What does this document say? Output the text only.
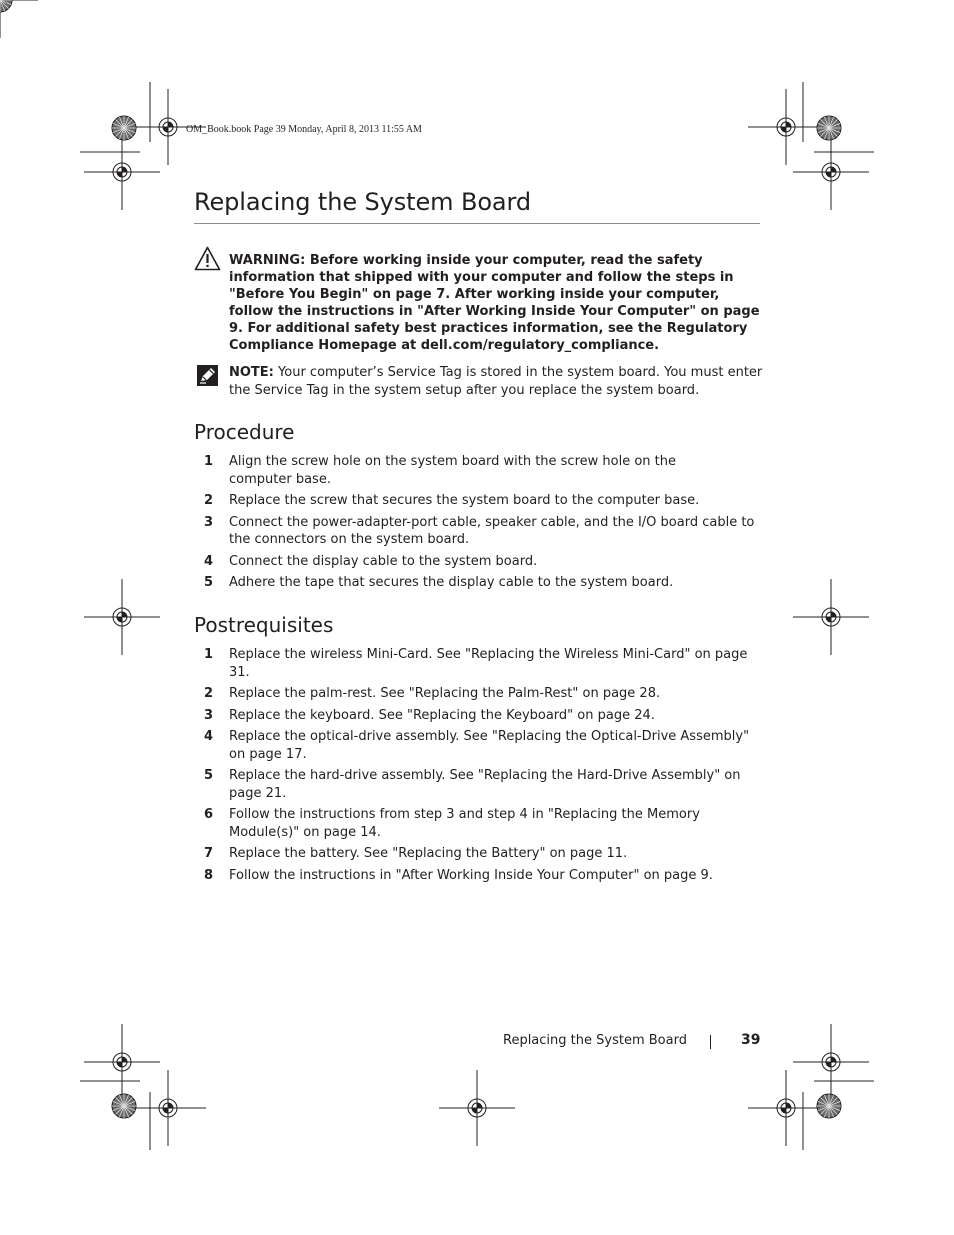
OM_Book.book Page 39 Monday, April 8, 2013 11:55 AM
Replacing the System Board
WARNING: Before working inside your computer, read the safety information that shipped with your computer and follow the steps in "Before You Begin" on page 7. After working inside your computer, follow the instructions in "After Working Inside Your Computer" on page 9. For additional safety best practices information, see the Regulatory Compliance Homepage at dell.com/regulatory_compliance.
NOTE: Your computer’s Service Tag is stored in the system board. You must enter the Service Tag in the system setup after you replace the system board.
Procedure
1 Align the screw hole on the system board with the screw hole on the computer base.
2 Replace the screw that secures the system board to the computer base.
3 Connect the power-adapter-port cable, speaker cable, and the I/O board cable to the connectors on the system board.
4 Connect the display cable to the system board.
5 Adhere the tape that secures the display cable to the system board.
Postrequisites
1 Replace the wireless Mini-Card. See "Replacing the Wireless Mini-Card" on page 31.
2 Replace the palm-rest. See "Replacing the Palm-Rest" on page 28.
3 Replace the keyboard. See "Replacing the Keyboard" on page 24.
4 Replace the optical-drive assembly. See "Replacing the Optical-Drive Assembly" on page 17.
5 Replace the hard-drive assembly. See "Replacing the Hard-Drive Assembly" on page 21.
6 Follow the instructions from step 3 and step 4 in "Replacing the Memory Module(s)" on page 14.
7 Replace the battery. See "Replacing the Battery" on page 11.
8 Follow the instructions in "After Working Inside Your Computer" on page 9.
Replacing the System Board	39
